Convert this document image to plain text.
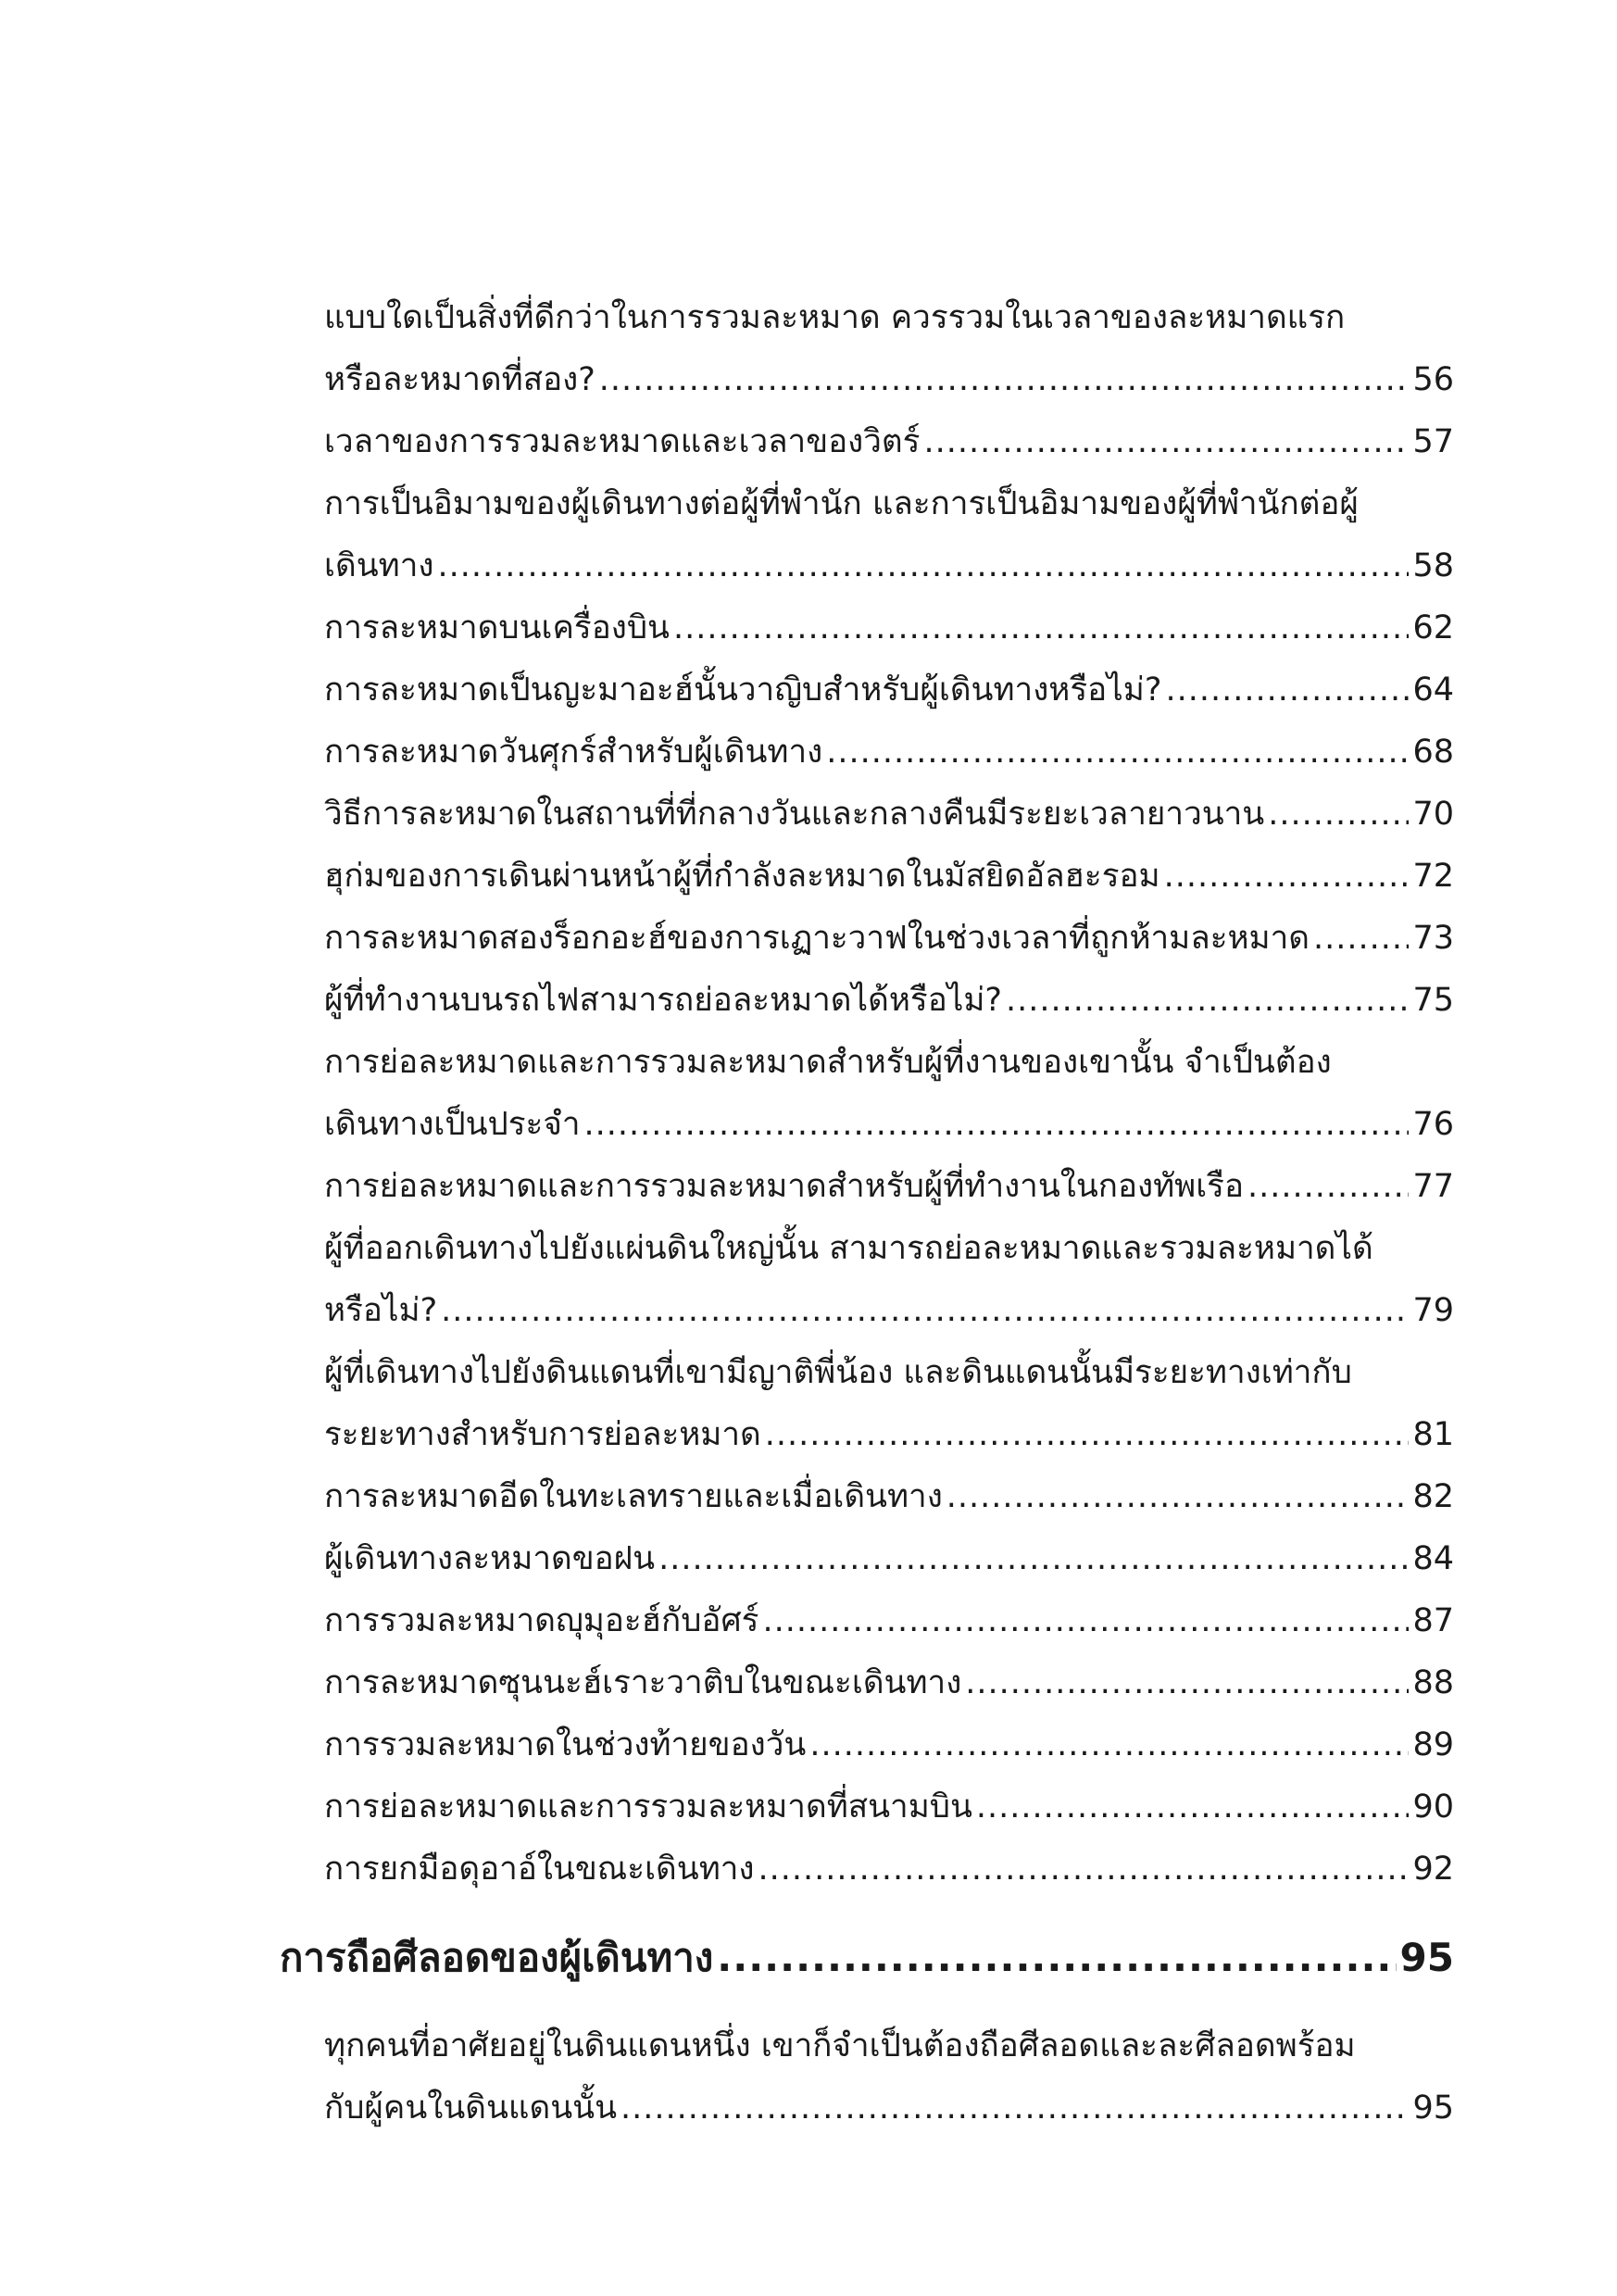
แบบใดเป็นสิ่งที่ดีกว่าในการรวมละหมาด ควรรวมในเวลาของละหมาดแรก
หรือละหมาดที่สอง? .....	56
เวลาของการรวมละหมาดและเวลาของวิตร์ .....	57
การเป็นอิมามของผู้เดินทางต่อผู้ที่พำนัก และการเป็นอิมามของผู้ที่พำนักต่อผู้
เดินทาง .....	58
การละหมาดบนเครื่องบิน .....	62
การละหมาดเป็นญะมาอะฮ์นั้นวาญิบสำหรับผู้เดินทางหรือไม่? .....	64
การละหมาดวันศุกร์สำหรับผู้เดินทาง .....	68
วิธีการละหมาดในสถานที่ที่กลางวันและกลางคืนมีระยะเวลายาวนาน .....	70
ฮุก่มของการเดินผ่านหน้าผู้ที่กำลังละหมาดในมัสยิดอัลฮะรอม .....	72
การละหมาดสองร็อกอะฮ์ของการเฏาะวาฟในช่วงเวลาที่ถูกห้ามละหมาด .....	73
ผู้ที่ทำงานบนรถไฟสามารถย่อละหมาดได้หรือไม่? .....	75
การย่อละหมาดและการรวมละหมาดสำหรับผู้ที่งานของเขานั้น จำเป็นต้อง
เดินทางเป็นประจำ .....	76
การย่อละหมาดและการรวมละหมาดสำหรับผู้ที่ทำงานในกองทัพเรือ .....	77
ผู้ที่ออกเดินทางไปยังแผ่นดินใหญ่นั้น สามารถย่อละหมาดและรวมละหมาดได้
หรือไม่? .....	79
ผู้ที่เดินทางไปยังดินแดนที่เขามีญาติพี่น้อง และดินแดนนั้นมีระยะทางเท่ากับ
ระยะทางสำหรับการย่อละหมาด .....	81
การละหมาดอีดในทะเลทรายและเมื่อเดินทาง .....	82
ผู้เดินทางละหมาดขอฝน .....	84
การรวมละหมาดญุมุอะฮ์กับอัศร์ .....	87
การละหมาดซุนนะฮ์เราะวาติบในขณะเดินทาง .....	88
การรวมละหมาดในช่วงท้ายของวัน .....	89
การย่อละหมาดและการรวมละหมาดที่สนามบิน .....	90
การยกมือดุอาอ์ในขณะเดินทาง .....	92
การถือศีลอดของผู้เดินทาง .....	95
ทุกคนที่อาศัยอยู่ในดินแดนหนึ่ง เขาก็จำเป็นต้องถือศีลอดและละศีลอดพร้อม
กับผู้คนในดินแดนนั้น .....	95
